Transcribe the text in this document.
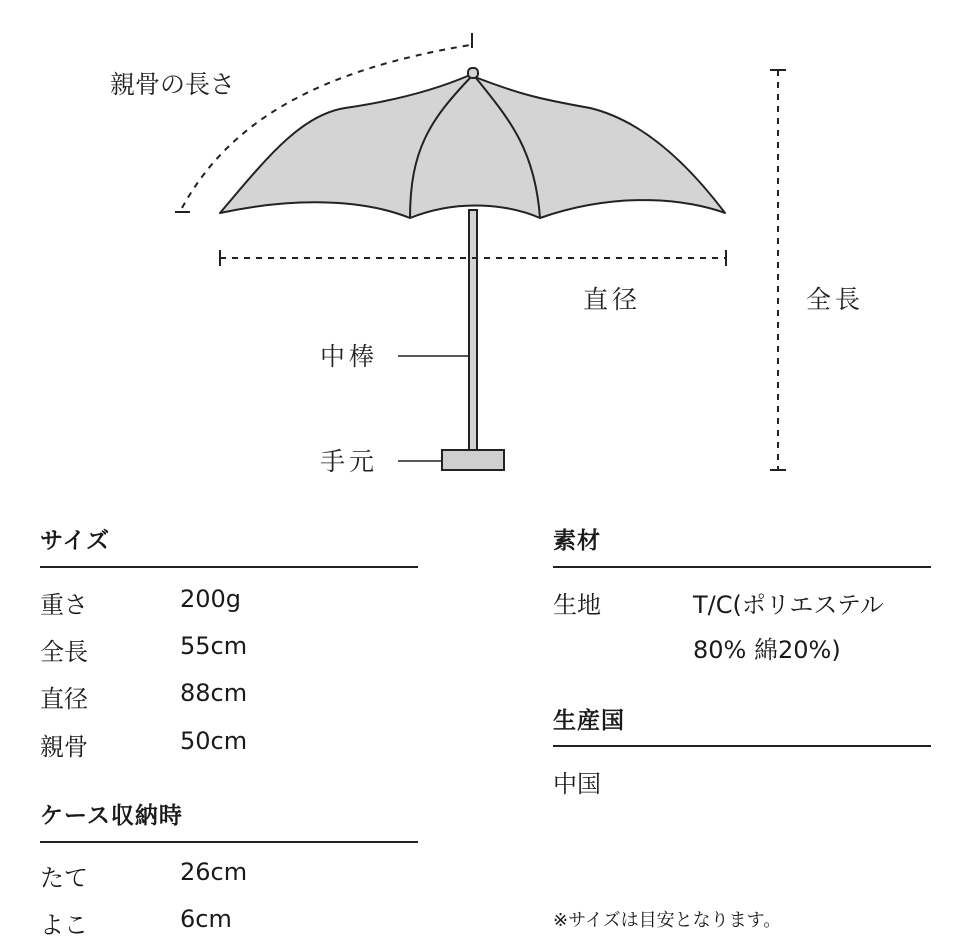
親骨の長さ
直径	全長
中棒
手元
サイズ
重さ	200g
全長	55cm
直径	88cm
親骨	50cm
ケース収納時
たて	26cm
よこ	6cm
素材
生地	T/C(ポリエステル
80% 綿20%)
生産国
中国
※サイズは目安となります。
